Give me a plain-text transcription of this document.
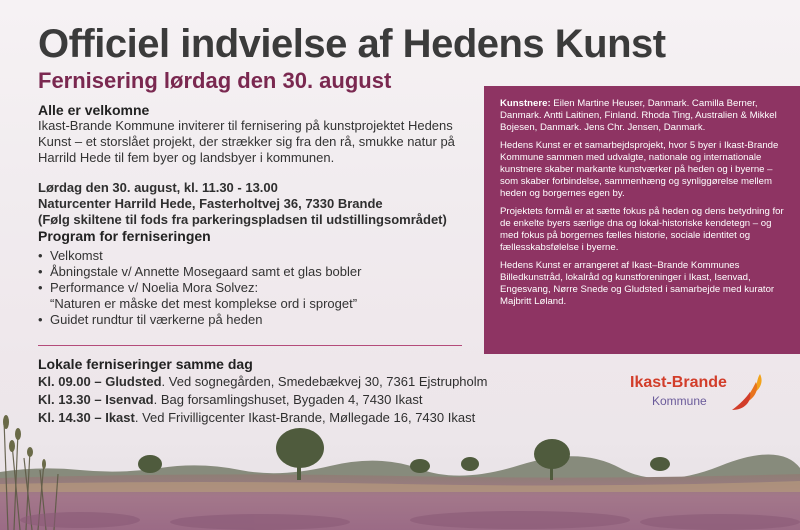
Officiel indvielse af Hedens Kunst
Fernisering lørdag den 30. august

Alle er velkomne

Ikast-Brande Kommune inviterer til fernisering på kunstprojektet Hedens Kunst – et storslået projekt, der strækker sig fra den rå, smukke natur på Harrild Hede til fem byer og landsbyer i kommunen.

Lørdag den 30. august, kl. 11.30 - 13.00

Naturcenter Harrild Hede, Fasterholtvej 36, 7330 Brande

(Følg skiltene til fods fra parkeringspladsen til udstillingsområdet)

Program for ferniseringen

• Velkomst
• Åbningstale v/ Annette Mosegaard samt et glas bobler
• Performance v/ Noelia Mora Solvez:
“Naturen er måske det mest komplekse ord i sproget”
• Guidet rundtur til værkerne på heden
Lokale ferniseringer samme dag
Kl. 09.00 – Gludsted. Ved sognegården, Smedebækvej 30, 7361 Ejstrupholm
Kl. 13.30 – Isenvad. Bag forsamlingshuset, Bygaden 4, 7430 Ikast
Kl. 14.30 – Ikast. Ved Frivilligcenter Ikast-Brande, Møllegade 16, 7430 Ikast

Kunstnere: Eilen Martine Heuser, Danmark. Camilla Berner, Danmark. Antti Laitinen, Finland. Rhoda Ting, Australien & Mikkel Bojesen, Danmark. Jens Chr. Jensen, Danmark.

Hedens Kunst er et samarbejdsprojekt, hvor 5 byer i Ikast-Brande Kommune sammen med udvalgte, nationale og internationale kunstnere skaber markante kunstværker på heden og i byerne – som skaber forbindelse, sammenhæng og synliggørelse mellem heden og borgernes egen by.

Projektets formål er at sætte fokus på heden og dens betydning for de enkelte byers særlige dna og lokal-historiske kendetegn – og med fokus på borgernes fælles historie, sociale identitet og fællesskabsfølelse i byerne.

Hedens Kunst er arrangeret af Ikast–Brande Kommunes Billedkunstråd, lokalråd og kunstforeninger i Ikast, Isenvad, Engesvang, Nørre Snede og Gludsted i samarbejde med kurator Majbritt Løland.

Ikast-Brande
Kommune
